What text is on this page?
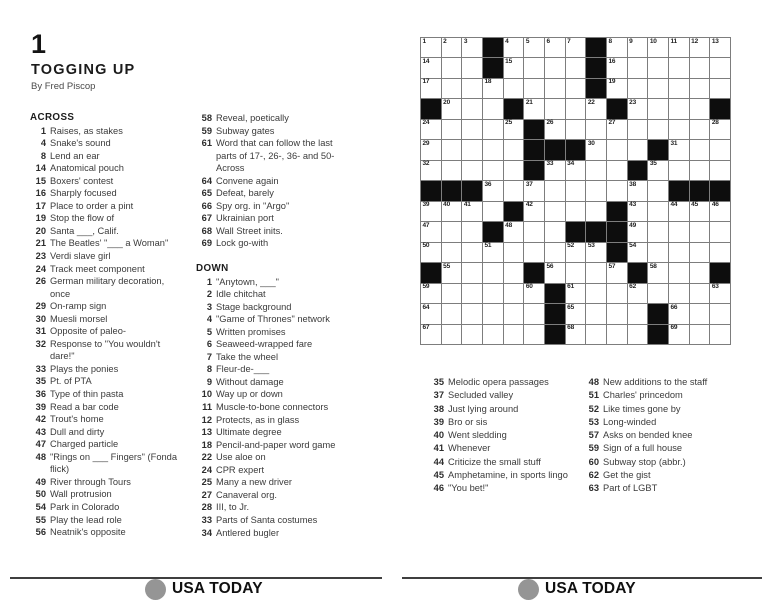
1
TOGGING UP
By Fred Piscop
ACROSS
1 Raises, as stakes
4 Snake's sound
8 Lend an ear
14 Anatomical pouch
15 Boxers' contest
16 Sharply focused
17 Place to order a pint
19 Stop the flow of
20 Santa ___, Calif.
21 The Beatles' "___ a Woman"
23 Verdi slave girl
24 Track meet component
26 German military decoration, once
29 On-ramp sign
30 Muesli morsel
31 Opposite of paleo-
32 Response to "You wouldn't dare!"
33 Plays the ponies
35 Pt. of PTA
36 Type of thin pasta
39 Read a bar code
42 Trout's home
43 Dull and dirty
47 Charged particle
48 "Rings on ___ Fingers" (Fonda flick)
49 River through Tours
50 Wall protrusion
54 Park in Colorado
55 Play the lead role
56 Neatnik's opposite
58 Reveal, poetically
59 Subway gates
61 Word that can follow the last parts of 17-, 26-, 36- and 50-Across
64 Convene again
65 Defeat, barely
66 Spy org. in "Argo"
67 Ukrainian port
68 Wall Street inits.
69 Lock go-with
DOWN
1 "Anytown, ___"
2 Idle chitchat
3 Stage background
4 "Game of Thrones" network
5 Written promises
6 Seaweed-wrapped fare
7 Take the wheel
8 Fleur-de-___
9 Without damage
10 Way up or down
11 Muscle-to-bone connectors
12 Protects, as in glass
13 Ultimate degree
18 Pencil-and-paper word game
22 Use aloe on
24 CPR expert
25 Many a new driver
27 Canaveral org.
28 III, to Jr.
33 Parts of Santa costumes
34 Antlered bugler
35 Melodic opera passages
37 Secluded valley
38 Just lying around
39 Bro or sis
40 Went sledding
41 Whenever
44 Criticize the small stuff
45 Amphetamine, in sports lingo
46 "You bet!"
48 New additions to the staff
51 Charles' princedom
52 Like times gone by
53 Long-winded
57 Asks on bended knee
59 Sign of a full house
60 Subway stop (abbr.)
62 Get the gist
63 Part of LGBT
1	2	3	4	5	6	7	8	9	10 11 12 13
14	15	16
17	18	19
20	21	22	23
24	25	26	27	28
29	30	31
32	33 34	35
36	37	38
39 40 41	42	43	44 45 46
47	48	49
50	51	52 53	54
55	56	57	58
59	60	61	62	63
64	65	66
67	68	69
USA TODAY	USA TODAY
